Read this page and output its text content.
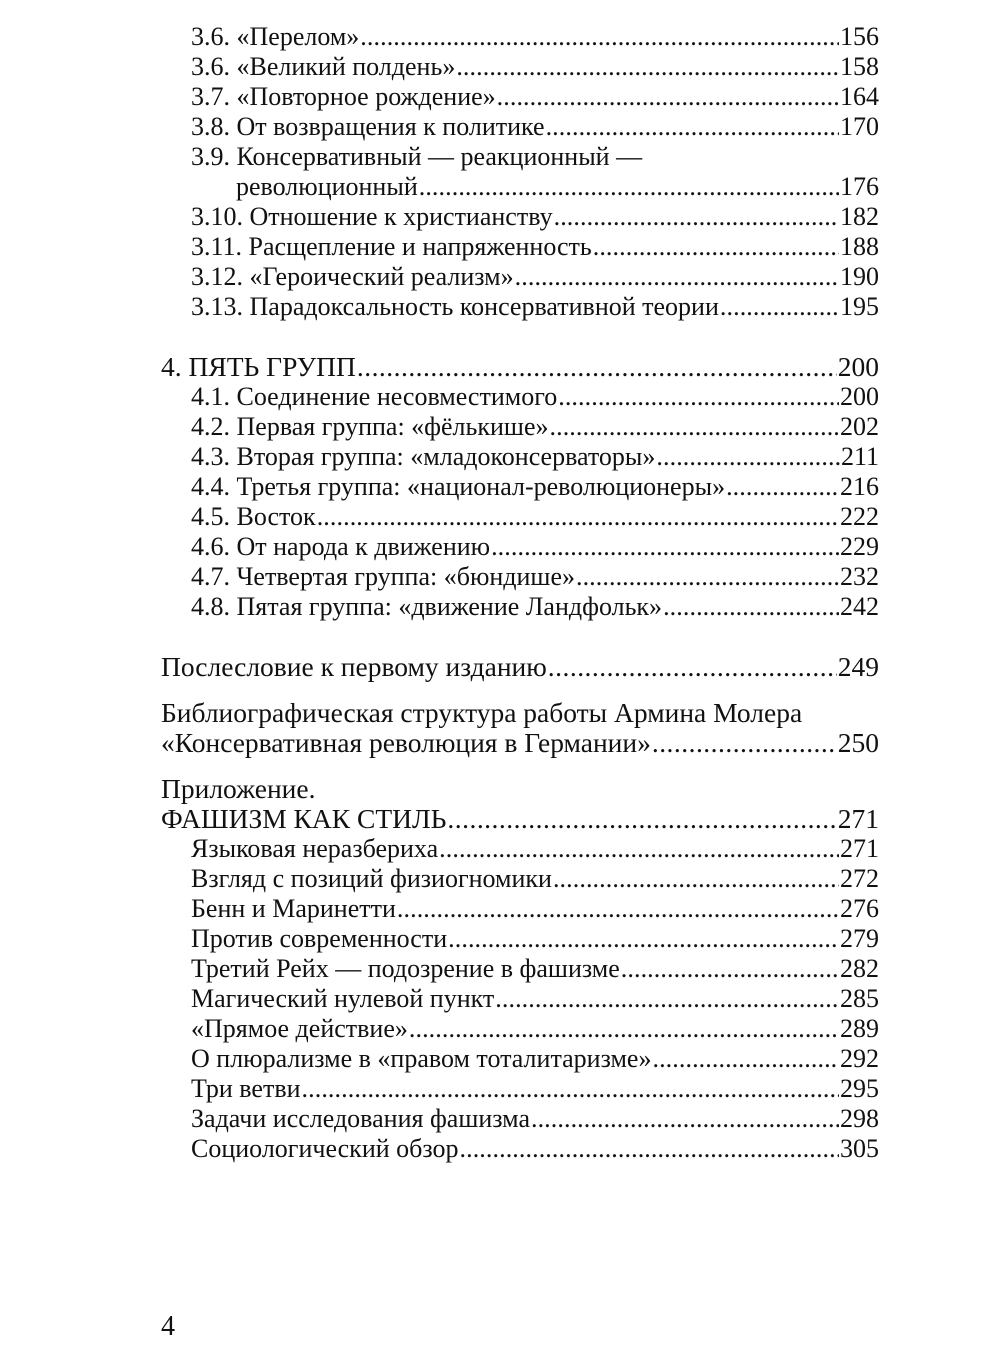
3.6. «Перелом» . . .	156
3.6. «Великий полдень» . . .	158
3.7. «Повторное рождение» . . .	164
3.8. От возвращения к политике . . .	170
3.9. Консервативный — реакционный —
революционный . . .	176
3.10. Отношение к христианству . . .	182
3.11. Расщепление и напряженность . . .	188
3.12. «Героический реализм» . . .	190
3.13. Парадоксальность консервативной теории . . .	195
4. ПЯТЬ ГРУПП . . .	200
4.1. Соединение несовместимого . . .	200
4.2. Первая группа: «фёлькише» . . .	202
4.3. Вторая группа: «младоконсерваторы» . . .	211
4.4. Третья группа: «национал-революционеры» . . .	216
4.5. Восток . . .	222
4.6. От народа к движению . . .	229
4.7. Четвертая группа: «бюндише» . . .	232
4.8. Пятая группа: «движение Ландфольк» . . .	242
Послесловие к первому изданию . . .	249
Библиографическая структура работы Армина Молера
«Консервативная революция в Германии» . . .	250
Приложение.
ФАШИЗМ КАК СТИЛЬ . . .	271
Языковая неразбериха . . .	271
Взгляд с позиций физиогномики . . .	272
Бенн и Маринетти . . .	276
Против современности . . .	279
Третий Рейх — подозрение в фашизме . . .	282
Магический нулевой пункт . . .	285
«Прямое действие» . . .	289
О плюрализме в «правом тоталитаризме» . . .	292
Три ветви . . .	295
Задачи исследования фашизма . . .	298
Социологический обзор . . .	305
4
